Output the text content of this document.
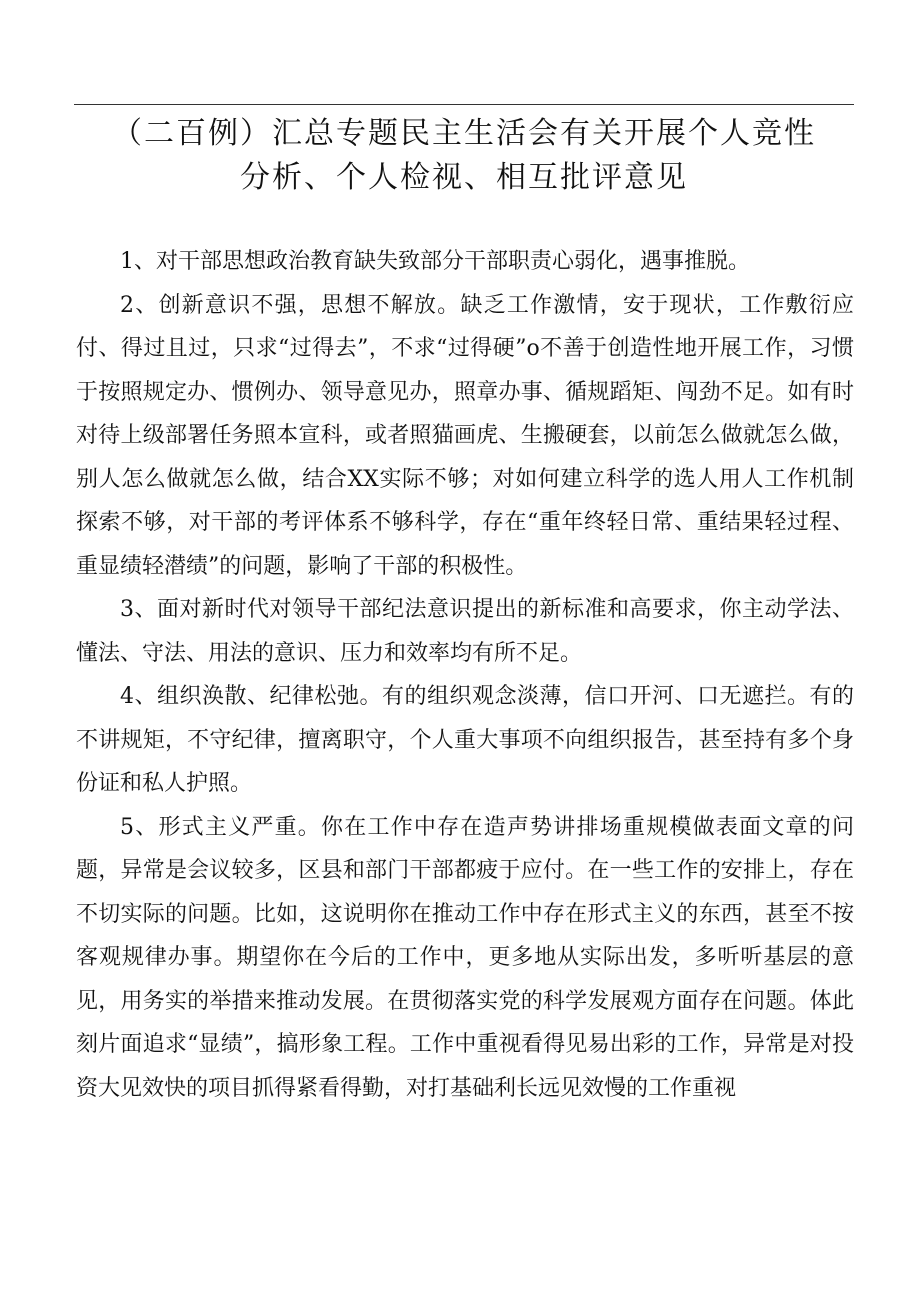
（二百例）汇总专题民主生活会有关开展个人竞性
分析、个人检视、相互批评意见

1、对干部思想政治教育缺失致部分干部职责心弱化，遇事推脱。

2、创新意识不强，思想不解放。缺乏工作激情，安于现状，工作敷衍应付、得过且过，只求“过得去”，不求“过得硬”o不善于创造性地开展工作，习惯于按照规定办、惯例办、领导意见办，照章办事、循规蹈矩、闯劲不足。如有时对待上级部署任务照本宣科，或者照猫画虎、生搬硬套，以前怎么做就怎么做，别人怎么做就怎么做，结合XX实际不够；对如何建立科学的选人用人工作机制探索不够，对干部的考评体系不够科学，存在“重年终轻日常、重结果轻过程、重显绩轻潜绩”的问题，影响了干部的积极性。

3、面对新时代对领导干部纪法意识提出的新标准和高要求，你主动学法、懂法、守法、用法的意识、压力和效率均有所不足。

4、组织涣散、纪律松弛。有的组织观念淡薄，信口开河、口无遮拦。有的不讲规矩，不守纪律，擅离职守，个人重大事项不向组织报告，甚至持有多个身份证和私人护照。

5、形式主义严重。你在工作中存在造声势讲排场重规模做表面文章的问题，异常是会议较多，区县和部门干部都疲于应付。在一些工作的安排上，存在不切实际的问题。比如，这说明你在推动工作中存在形式主义的东西，甚至不按客观规律办事。期望你在今后的工作中，更多地从实际出发，多听听基层的意见，用务实的举措来推动发展。在贯彻落实党的科学发展观方面存在问题。体此刻片面追求“显绩”，搞形象工程。工作中重视看得见易出彩的工作，异常是对投资大见效快的项目抓得紧看得勤，对打基础利长远见效慢的工作重视
